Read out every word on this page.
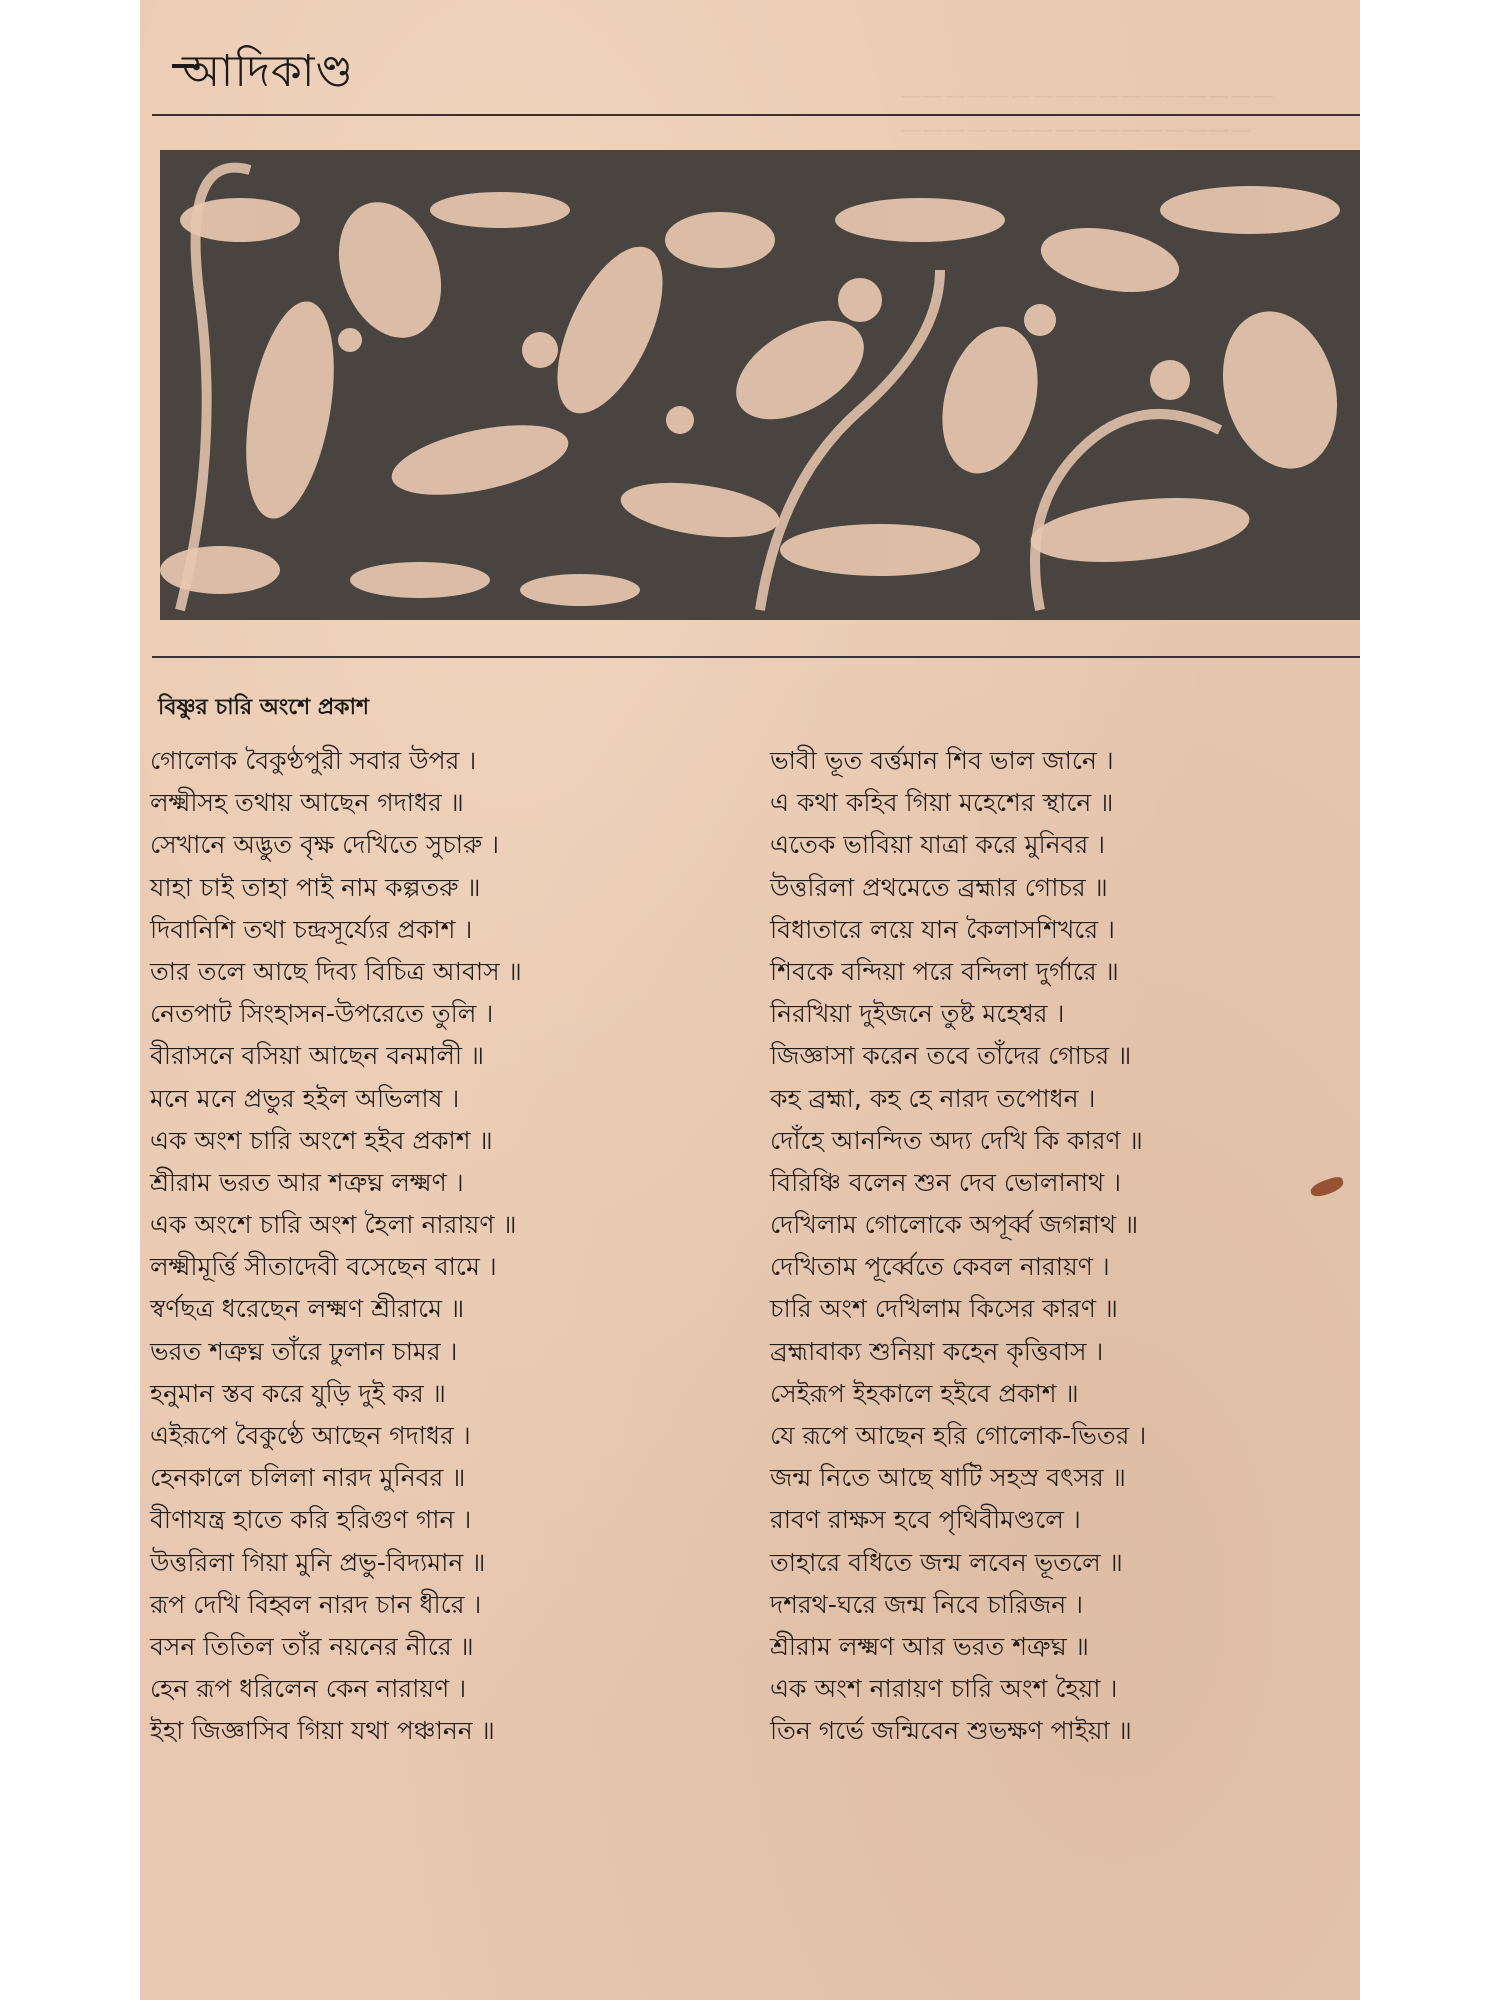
—————————————————
————————————————
আদিকাণ্ড
বিষ্ণুর চারি অংশে প্রকাশ
গোলোক বৈকুণ্ঠপুরী সবার উপর ।
লক্ষ্মীসহ তথায় আছেন গদাধর ॥
সেখানে অদ্ভুত বৃক্ষ দেখিতে সুচারু ।
যাহা চাই তাহা পাই নাম কল্পতরু ॥
দিবানিশি তথা চন্দ্রসূর্য্যের প্রকাশ ।
তার তলে আছে দিব্য বিচিত্র আবাস ॥
নেতপাট সিংহাসন-উপরেতে তুলি ।
বীরাসনে বসিয়া আছেন বনমালী ॥
মনে মনে প্রভুর হইল অভিলাষ ।
এক অংশ চারি অংশে হইব প্রকাশ ॥
শ্রীরাম ভরত আর শত্রুঘ্ন লক্ষ্মণ ।
এক অংশে চারি অংশ হৈলা নারায়ণ ॥
লক্ষ্মীমূর্ত্তি সীতাদেবী বসেছেন বামে ।
স্বর্ণছত্র ধরেছেন লক্ষ্মণ শ্রীরামে ॥
ভরত শত্রুঘ্ন তাঁরে ঢুলান চামর ।
হনুমান স্তব করে যুড়ি দুই কর ॥
এইরূপে বৈকুণ্ঠে আছেন গদাধর ।
হেনকালে চলিলা নারদ মুনিবর ॥
বীণাযন্ত্র হাতে করি হরিগুণ গান ।
উত্তরিলা গিয়া মুনি প্রভু-বিদ্যমান ॥
রূপ দেখি বিহ্বল নারদ চান ধীরে ।
বসন তিতিল তাঁর নয়নের নীরে ॥
হেন রূপ ধরিলেন কেন নারায়ণ ।
ইহা জিজ্ঞাসিব গিয়া যথা পঞ্চানন ॥
ভাবী ভূত বর্ত্তমান শিব ভাল জানে ।
এ কথা কহিব গিয়া মহেশের স্থানে ॥
এতেক ভাবিয়া যাত্রা করে মুনিবর ।
উত্তরিলা প্রথমেতে ব্রহ্মার গোচর ॥
বিধাতারে লয়ে যান কৈলাসশিখরে ।
শিবকে বন্দিয়া পরে বন্দিলা দুর্গারে ॥
নিরখিয়া দুইজনে তুষ্ট মহেশ্বর ।
জিজ্ঞাসা করেন তবে তাঁদের গোচর ॥
কহ ব্রহ্মা, কহ হে নারদ তপোধন ।
দোঁহে আনন্দিত অদ্য দেখি কি কারণ ॥
বিরিঞ্চি বলেন শুন দেব ভোলানাথ ।
দেখিলাম গোলোকে অপূর্ব্ব জগন্নাথ ॥
দেখিতাম পূর্ব্বেতে কেবল নারায়ণ ।
চারি অংশ দেখিলাম কিসের কারণ ॥
ব্রহ্মাবাক্য শুনিয়া কহেন কৃত্তিবাস ।
সেইরূপ ইহকালে হইবে প্রকাশ ॥
যে রূপে আছেন হরি গোলোক-ভিতর ।
জন্ম নিতে আছে ষাটি সহস্র বৎসর ॥
রাবণ রাক্ষস হবে পৃথিবীমণ্ডলে ।
তাহারে বধিতে জন্ম লবেন ভূতলে ॥
দশরথ-ঘরে জন্ম নিবে চারিজন ।
শ্রীরাম লক্ষ্মণ আর ভরত শত্রুঘ্ন ॥
এক অংশ নারায়ণ চারি অংশ হৈয়া ।
তিন গর্ভে জন্মিবেন শুভক্ষণ পাইয়া ॥
